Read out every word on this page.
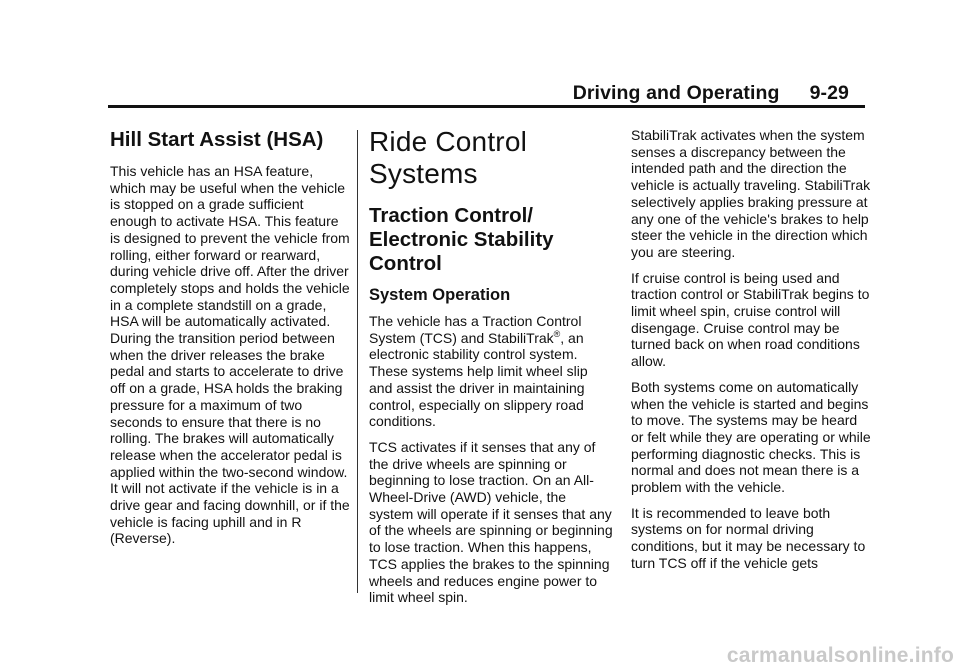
Driving and Operating 9-29
Hill Start Assist (HSA)

This vehicle has an HSA feature, which may be useful when the vehicle is stopped on a grade sufficient enough to activate HSA. This feature is designed to prevent the vehicle from rolling, either forward or rearward, during vehicle drive off. After the driver completely stops and holds the vehicle in a complete standstill on a grade, HSA will be automatically activated. During the transition period between when the driver releases the brake pedal and starts to accelerate to drive off on a grade, HSA holds the braking pressure for a maximum of two seconds to ensure that there is no rolling. The brakes will automatically release when the accelerator pedal is applied within the two-second window. It will not activate if the vehicle is in a drive gear and facing downhill, or if the vehicle is facing uphill and in R (Reverse).

Ride Control Systems
Traction Control/ Electronic Stability Control
System Operation

The vehicle has a Traction Control System (TCS) and StabiliTrak®, an electronic stability control system. These systems help limit wheel slip and assist the driver in maintaining control, especially on slippery road conditions.

TCS activates if it senses that any of the drive wheels are spinning or beginning to lose traction. On an All-Wheel-Drive (AWD) vehicle, the system will operate if it senses that any of the wheels are spinning or beginning to lose traction. When this happens, TCS applies the brakes to the spinning wheels and reduces engine power to limit wheel spin.

StabiliTrak activates when the system senses a discrepancy between the intended path and the direction the vehicle is actually traveling. StabiliTrak selectively applies braking pressure at any one of the vehicle's brakes to help steer the vehicle in the direction which you are steering.

If cruise control is being used and traction control or StabiliTrak begins to limit wheel spin, cruise control will disengage. Cruise control may be turned back on when road conditions allow.

Both systems come on automatically when the vehicle is started and begins to move. The systems may be heard or felt while they are operating or while performing diagnostic checks. This is normal and does not mean there is a problem with the vehicle.

It is recommended to leave both systems on for normal driving conditions, but it may be necessary to turn TCS off if the vehicle gets

carmanualsonline.info
